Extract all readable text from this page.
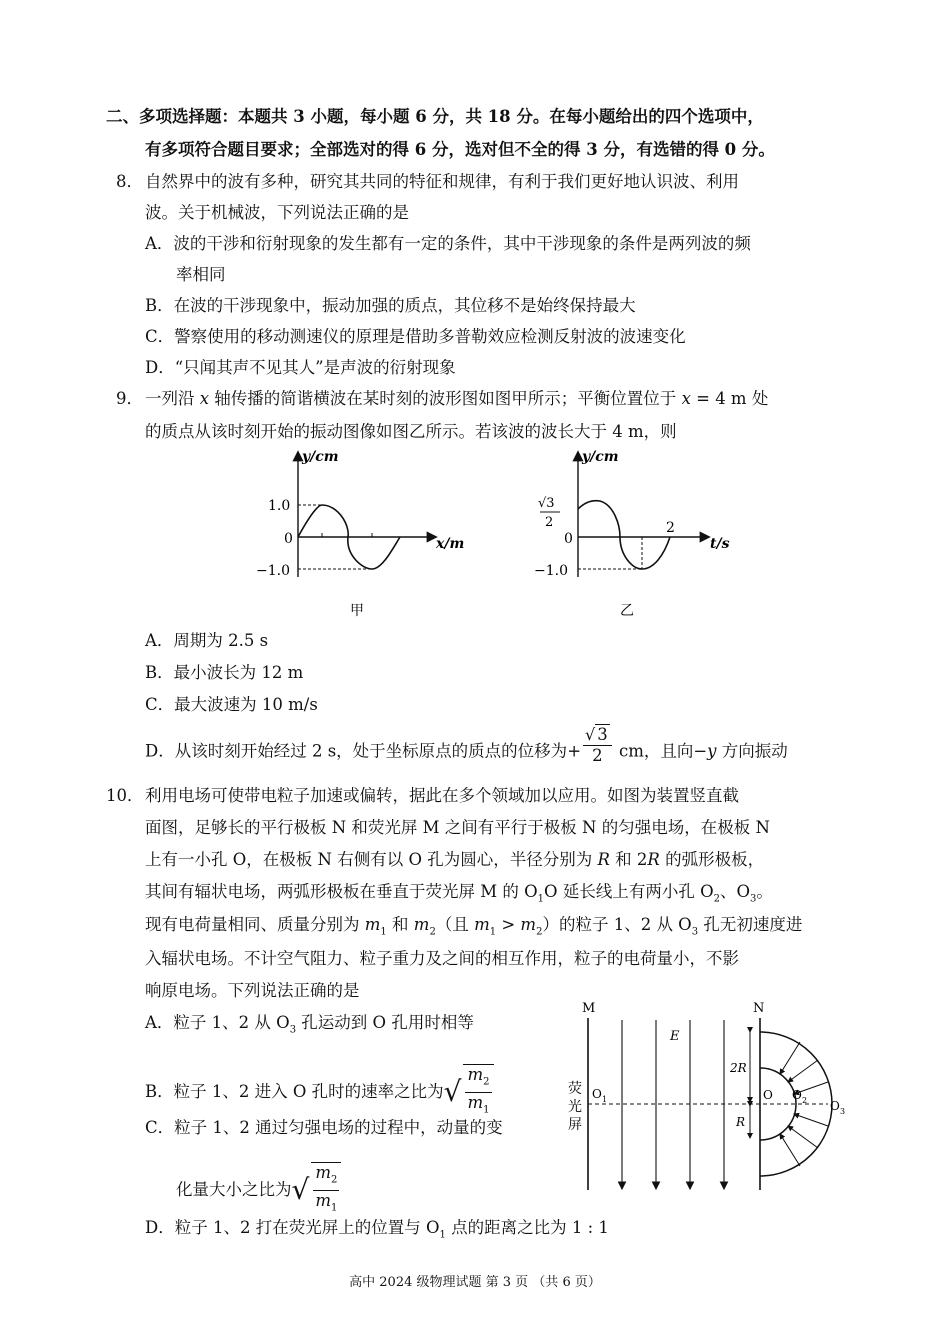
二、多项选择题：本题共 3 小题，每小题 6 分，共 18 分。在每小题给出的四个选项中，
有多项符合题目要求；全部选对的得 6 分，选对但不全的得 3 分，有选错的得 0 分。
8． 自然界中的波有多种，研究其共同的特征和规律，有利于我们更好地认识波、利用
波。关于机械波，下列说法正确的是
A．波的干涉和衍射现象的发生都有一定的条件，其中干涉现象的条件是两列波的频
率相同
B．在波的干涉现象中，振动加强的质点，其位移不是始终保持最大
C．警察使用的移动测速仪的原理是借助多普勒效应检测反射波的波速变化
D．“只闻其声不见其人”是声波的衍射现象
9． 一列沿 x 轴传播的简谐横波在某时刻的波形图如图甲所示；平衡位置位于 x = 4 m 处
的质点从该时刻开始的振动图像如图乙所示。若该波的波长大于 4 m，则
y/cm
x/m
1.0
0
−1.0
甲
y/cm
t/s
√3
2
0
−1.0
2
乙
A．周期为 2.5 s
B．最小波长为 12 m
C．最大波速为 10 m/s
D．从该时刻开始经过 2 s，处于坐标原点的质点的位移为+ $\frac{√ 3}{2}$ cm，且向−y 方向振动
10． 利用电场可使带电粒子加速或偏转，据此在多个领域加以应用。如图为装置竖直截
面图，足够长的平行极板 N 和荧光屏 M 之间有平行于极板 N 的匀强电场，在极板 N
上有一小孔 O，在极板 N 右侧有以 O 孔为圆心，半径分别为 R 和 2R 的弧形极板，
其间有辐状电场，两弧形极板在垂直于荧光屏 M 的 $O_1O$ 延长线上有两小孔 $O_2$、$O_3$。
现有电荷量相同、质量分别为 $m_1$ 和 $m_2$（且 $m_1 > m_2$）的粒子 1、2 从 $O_3$ 孔无初速度进
入辐状电场。不计空气阻力、粒子重力及之间的相互作用，粒子的电荷量小，不影
响原电场。下列说法正确的是
A．粒子 1、2 从 $O_3$ 孔运动到 O 孔用时相等
B．粒子 1、2 进入 O 孔时的速率之比为√ $\frac{m_2}{m_1}$
C．粒子 1、2 通过匀强电场的过程中，动量的变
化量大小之比为√ $\frac{m_2}{m_1}$
D．粒子 1、2 打在荧光屏上的位置与 $O_1$ 点的距离之比为 1 : 1
M	N
E
荧
光
屏
2R
R
O 1	O O 2 O 3
高中 2024 级物理试题 第 3 页 （共 6 页）
